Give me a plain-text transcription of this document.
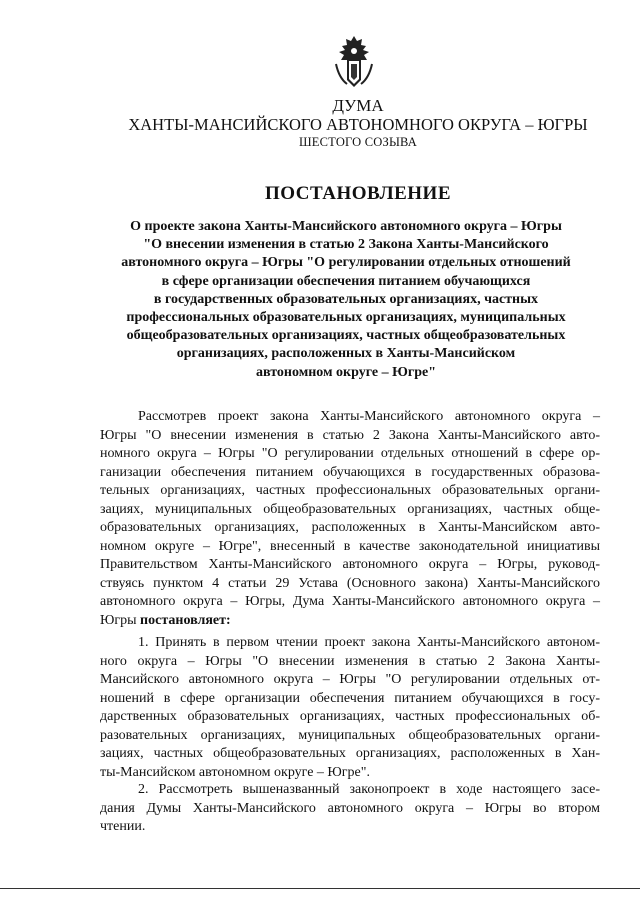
ДУМА
ХАНТЫ-МАНСИЙСКОГО АВТОНОМНОГО ОКРУГА – ЮГРЫ
ШЕСТОГО СОЗЫВА
ПОСТАНОВЛЕНИЕ
О проекте закона Ханты-Мансийского автономного округа – Югры
"О внесении изменения в статью 2 Закона Ханты-Мансийского
автономного округа – Югры "О регулировании отдельных отношений
в сфере организации обеспечения питанием обучающихся
в государственных образовательных организациях, частных
профессиональных образовательных организациях, муниципальных
общеобразовательных организациях, частных общеобразовательных
организациях, расположенных в Ханты-Мансийском
автономном округе – Югре"
Рассмотрев проект закона Ханты-Мансийского автономного округа –
Югры "О внесении изменения в статью 2 Закона Ханты-Мансийского авто-
номного округа – Югры "О регулировании отдельных отношений в сфере ор-
ганизации обеспечения питанием обучающихся в государственных образова-
тельных организациях, частных профессиональных образовательных органи-
зациях, муниципальных общеобразовательных организациях, частных обще-
образовательных организациях, расположенных в Ханты-Мансийском авто-
номном округе – Югре", внесенный в качестве законодательной инициативы
Правительством Ханты-Мансийского автономного округа – Югры, руковод-
ствуясь пунктом 4 статьи 29 Устава (Основного закона) Ханты-Мансийского
автономного округа – Югры, Дума Ханты-Мансийского автономного округа –
Югры постановляет:
1. Принять в первом чтении проект закона Ханты-Мансийского автоном-
ного округа – Югры "О внесении изменения в статью 2 Закона Ханты-
Мансийского автономного округа – Югры "О регулировании отдельных от-
ношений в сфере организации обеспечения питанием обучающихся в госу-
дарственных образовательных организациях, частных профессиональных об-
разовательных организациях, муниципальных общеобразовательных органи-
зациях, частных общеобразовательных организациях, расположенных в Хан-
ты-Мансийском автономном округе – Югре".
2. Рассмотреть вышеназванный законопроект в ходе настоящего засе-
дания Думы Ханты-Мансийского автономного округа – Югры во втором
чтении.
